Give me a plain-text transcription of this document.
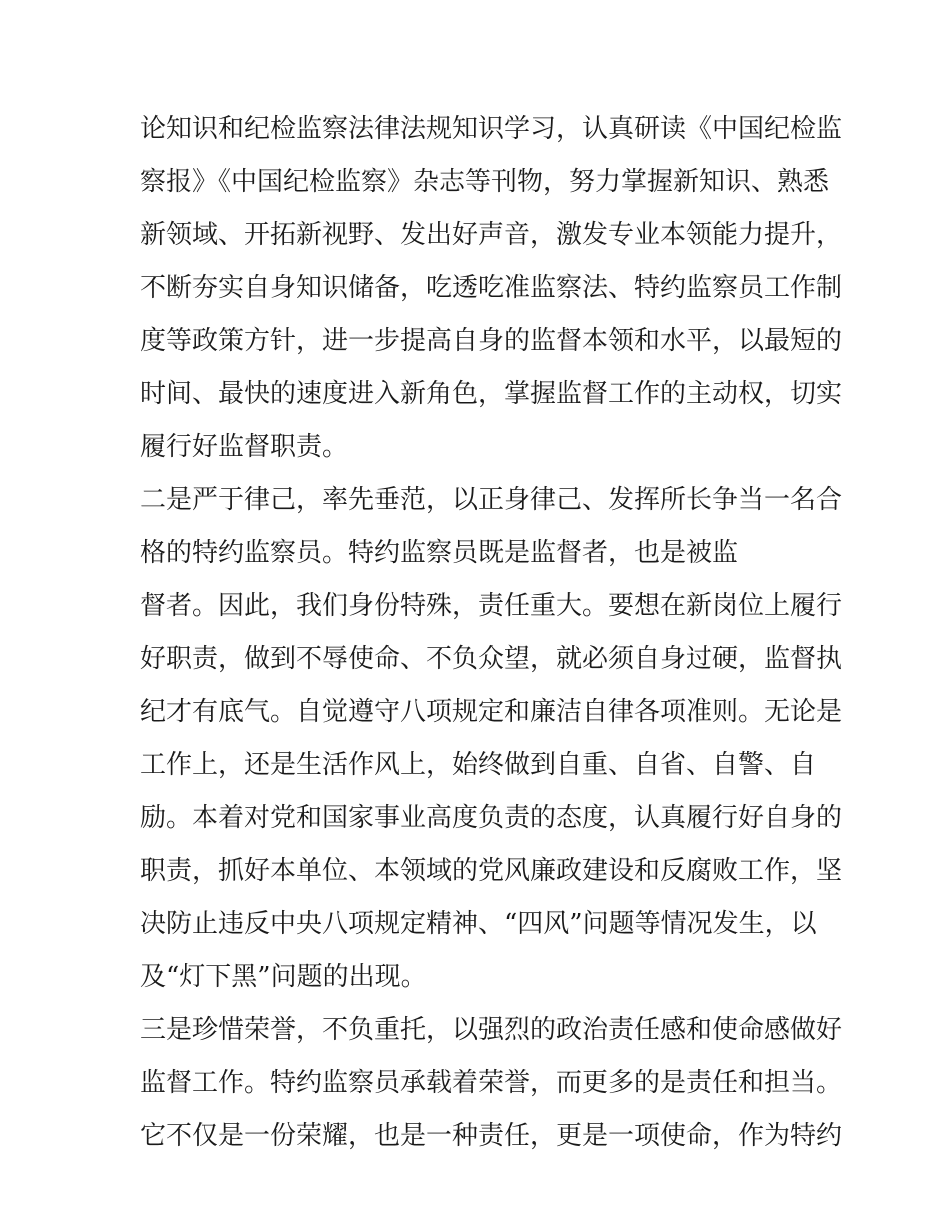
论知识和纪检监察法律法规知识学习，认真研读《中国纪检监
察报》《中国纪检监察》杂志等刊物，努力掌握新知识、熟悉
新领域、开拓新视野、发出好声音，激发专业本领能力提升，
不断夯实自身知识储备，吃透吃准监察法、特约监察员工作制
度等政策方针，进一步提高自身的监督本领和水平，以最短的
时间、最快的速度进入新角色，掌握监督工作的主动权，切实
履行好监督职责。
二是严于律己，率先垂范，以正身律己、发挥所长争当一名合
格的特约监察员。特约监察员既是监督者，也是被监
督者。因此，我们身份特殊，责任重大。要想在新岗位上履行
好职责，做到不辱使命、不负众望，就必须自身过硬，监督执
纪才有底气。自觉遵守八项规定和廉洁自律各项准则。无论是
工作上，还是生活作风上，始终做到自重、自省、自警、自
励。本着对党和国家事业高度负责的态度，认真履行好自身的
职责，抓好本单位、本领域的党风廉政建设和反腐败工作，坚
决防止违反中央八项规定精神、“四风”问题等情况发生，以
及“灯下黑”问题的出现。
三是珍惜荣誉，不负重托，以强烈的政治责任感和使命感做好
监督工作。特约监察员承载着荣誉，而更多的是责任和担当。
它不仅是一份荣耀，也是一种责任，更是一项使命，作为特约
